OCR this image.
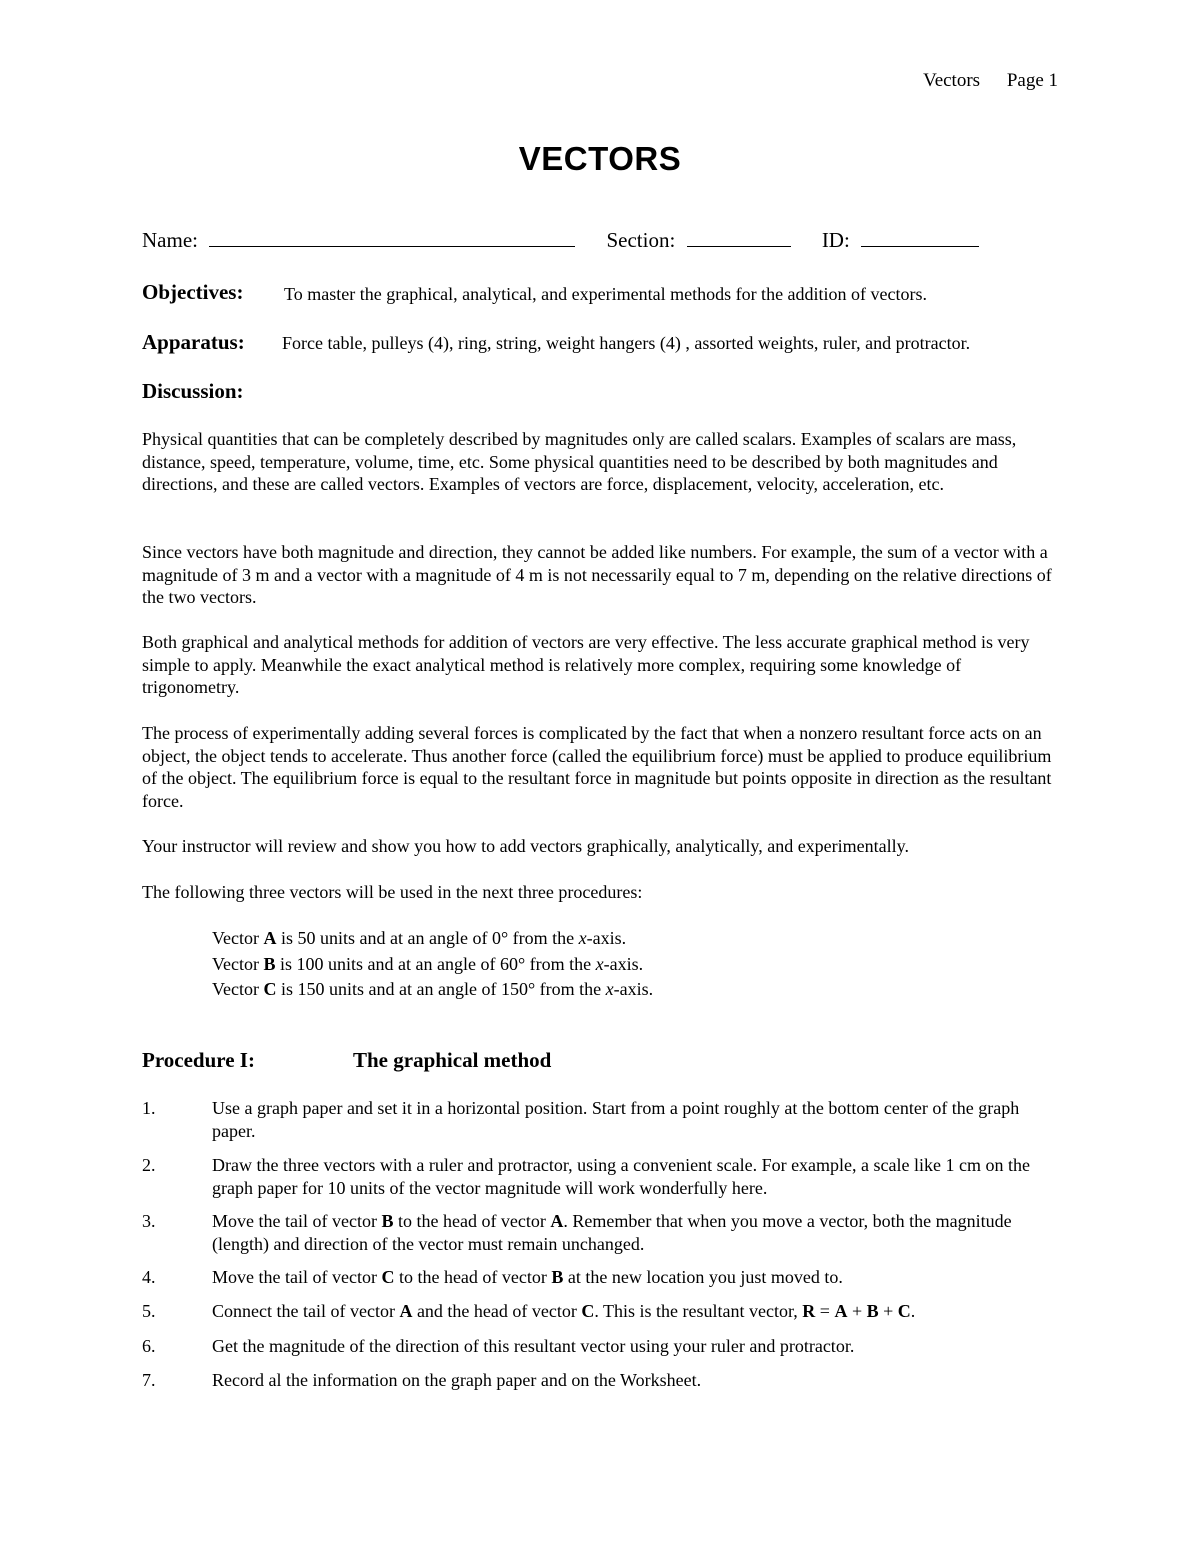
Vectors Page 1
VECTORS
Name:	Section:	ID:
Objectives: To master the graphical, analytical, and experimental methods for the addition of vectors.
Apparatus: Force table, pulleys (4), ring, string, weight hangers (4) , assorted weights, ruler, and protractor.
Discussion:
Physical quantities that can be completely described by magnitudes only are called scalars. Examples of scalars are mass, distance, speed, temperature, volume, time, etc. Some physical quantities need to be described by both magnitudes and directions, and these are called vectors. Examples of vectors are force, displacement, velocity, acceleration, etc.
Since vectors have both magnitude and direction, they cannot be added like numbers. For example, the sum of a vector with a magnitude of 3 m and a vector with a magnitude of 4 m is not necessarily equal to 7 m, depending on the relative directions of the two vectors.
Both graphical and analytical methods for addition of vectors are very effective. The less accurate graphical method is very simple to apply. Meanwhile the exact analytical method is relatively more complex, requiring some knowledge of trigonometry.
The process of experimentally adding several forces is complicated by the fact that when a nonzero resultant force acts on an object, the object tends to accelerate. Thus another force (called the equilibrium force) must be applied to produce equilibrium of the object. The equilibrium force is equal to the resultant force in magnitude but points opposite in direction as the resultant force.
Your instructor will review and show you how to add vectors graphically, analytically, and experimentally.
The following three vectors will be used in the next three procedures:
Vector A is 50 units and at an angle of 0° from the x-axis.
Vector B is 100 units and at an angle of 60° from the x-axis.
Vector C is 150 units and at an angle of 150° from the x-axis.
Procedure I:	The graphical method
1.	Use a graph paper and set it in a horizontal position. Start from a point roughly at the bottom center of the graph paper.
2.	Draw the three vectors with a ruler and protractor, using a convenient scale. For example, a scale like 1 cm on the graph paper for 10 units of the vector magnitude will work wonderfully here.
3.	Move the tail of vector B to the head of vector A. Remember that when you move a vector, both the magnitude (length) and direction of the vector must remain unchanged.
4.	Move the tail of vector C to the head of vector B at the new location you just moved to.
5.	Connect the tail of vector A and the head of vector C. This is the resultant vector, R = A + B + C.
6.	Get the magnitude of the direction of this resultant vector using your ruler and protractor.
7.	Record al the information on the graph paper and on the Worksheet.
